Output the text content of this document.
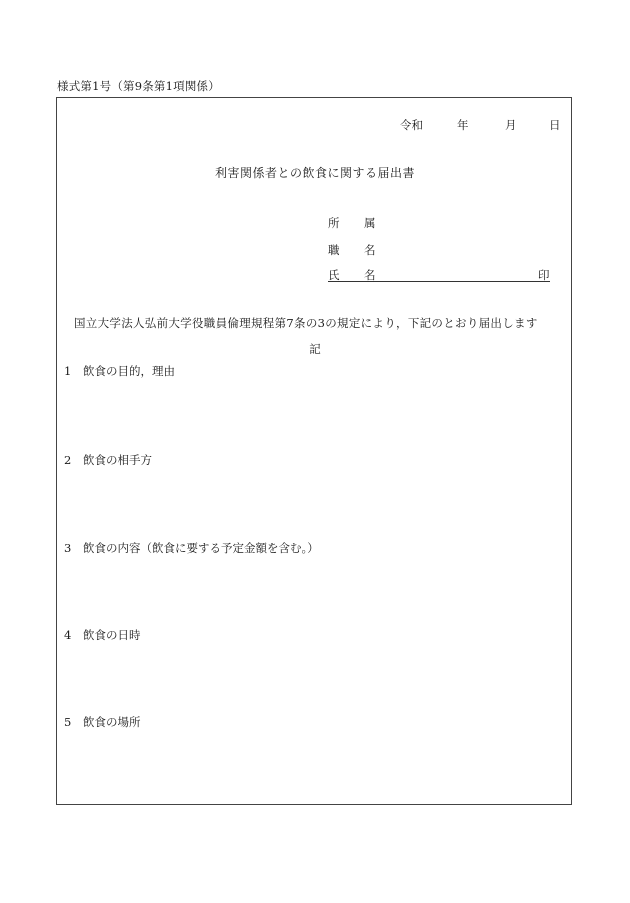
様式第1号（第9条第1項関係）
令和	年	月	日
利害関係者との飲食に関する届出書
所 属
職 名
氏 名	印
国立大学法人弘前大学役職員倫理規程第7条の3の規定により，下記のとおり届出します
記
1 飲食の目的，理由
2 飲食の相手方
3 飲食の内容（飲食に要する予定金額を含む。）
4 飲食の日時
5 飲食の場所
